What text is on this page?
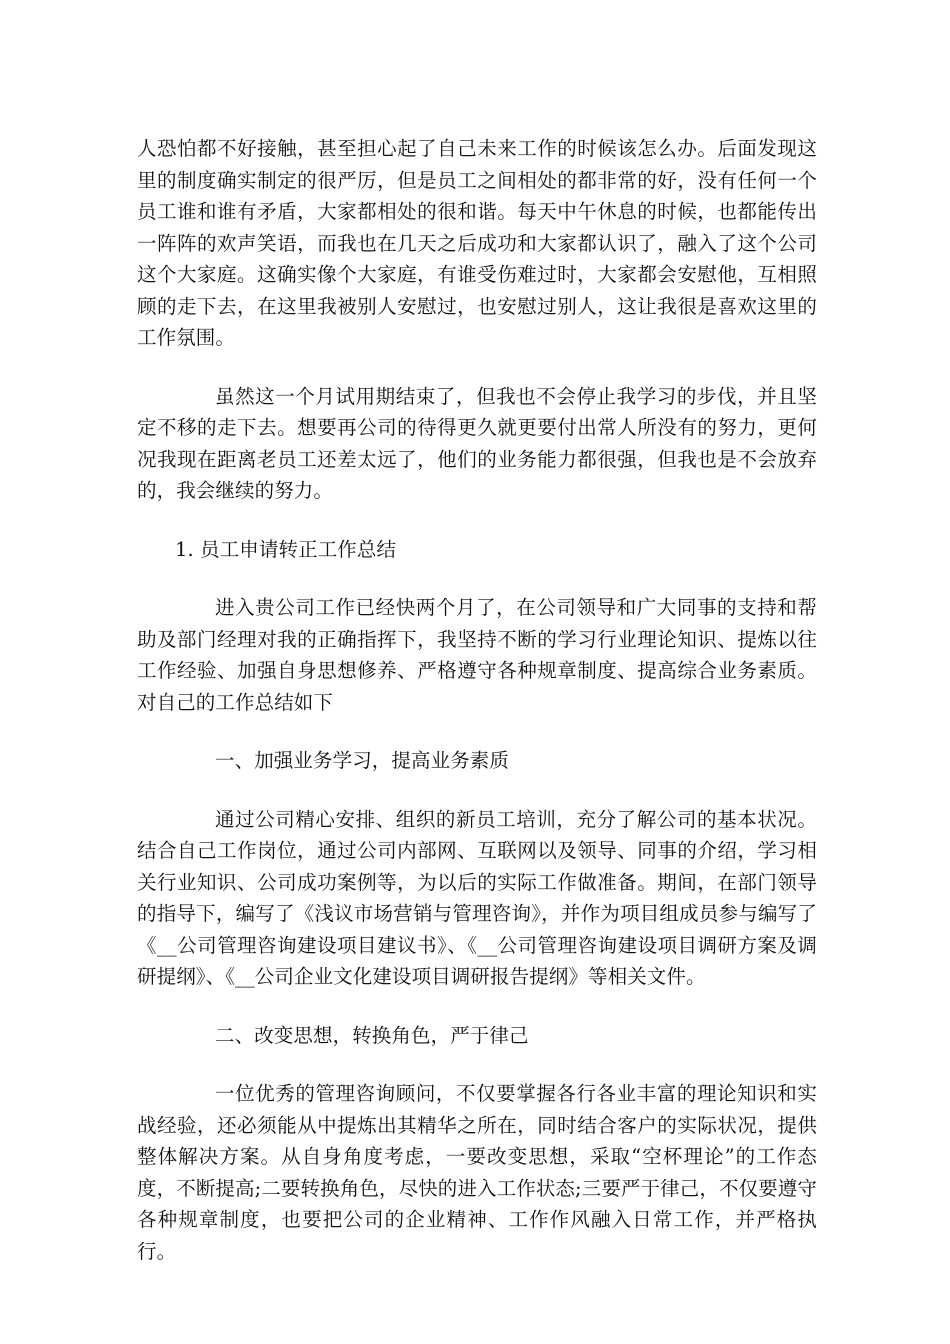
人恐怕都不好接触，甚至担心起了自己未来工作的时候该怎么办。后面发现这里的制度确实制定的很严厉，但是员工之间相处的都非常的好，没有任何一个员工谁和谁有矛盾，大家都相处的很和谐。每天中午休息的时候，也都能传出一阵阵的欢声笑语，而我也在几天之后成功和大家都认识了，融入了这个公司这个大家庭。这确实像个大家庭，有谁受伤难过时，大家都会安慰他，互相照顾的走下去，在这里我被别人安慰过，也安慰过别人，这让我很是喜欢这里的工作氛围。

虽然这一个月试用期结束了，但我也不会停止我学习的步伐，并且坚定不移的走下去。想要再公司的待得更久就更要付出常人所没有的努力，更何况我现在距离老员工还差太远了，他们的业务能力都很强，但我也是不会放弃的，我会继续的努力。

1. 员工申请转正工作总结

进入贵公司工作已经快两个月了，在公司领导和广大同事的支持和帮助及部门经理对我的正确指挥下，我坚持不断的学习行业理论知识、提炼以往工作经验、加强自身思想修养、严格遵守各种规章制度、提高综合业务素质。对自己的工作总结如下

一、加强业务学习，提高业务素质

通过公司精心安排、组织的新员工培训，充分了解公司的基本状况。结合自己工作岗位，通过公司内部网、互联网以及领导、同事的介绍，学习相关行业知识、公司成功案例等，为以后的实际工作做准备。期间，在部门领导的指导下，编写了《浅议市场营销与管理咨询》，并作为项目组成员参与编写了《__公司管理咨询建设项目建议书》、《__公司管理咨询建设项目调研方案及调研提纲》、《__公司企业文化建设项目调研报告提纲》等相关文件。

二、改变思想，转换角色，严于律己

一位优秀的管理咨询顾问，不仅要掌握各行各业丰富的理论知识和实战经验，还必须能从中提炼出其精华之所在，同时结合客户的实际状况，提供整体解决方案。从自身角度考虑，一要改变思想，采取“空杯理论”的工作态度，不断提高;二要转换角色，尽快的进入工作状态;三要严于律己，不仅要遵守各种规章制度，也要把公司的企业精神、工作作风融入日常工作，并严格执行。
